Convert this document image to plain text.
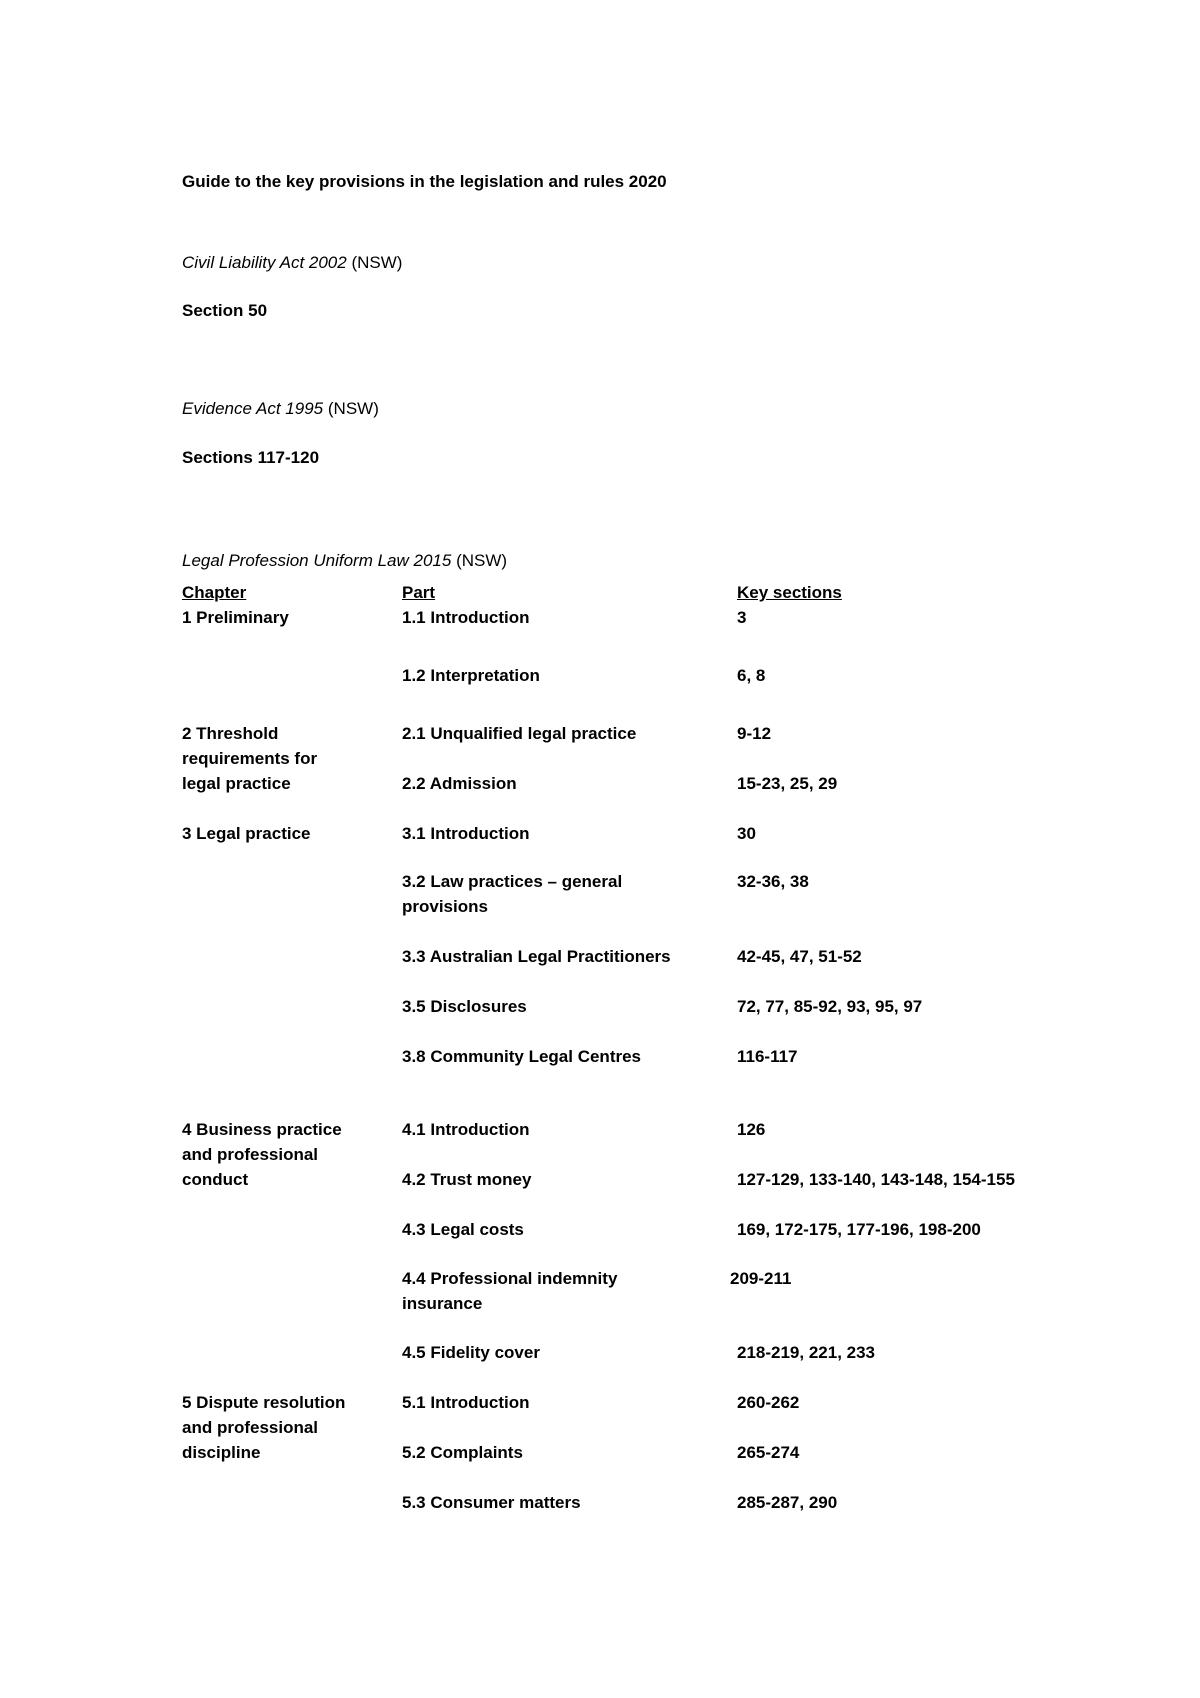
Guide to the key provisions in the legislation and rules 2020
Civil Liability Act 2002 (NSW)
Section 50
Evidence Act 1995 (NSW)
Sections 117-120
Legal Profession Uniform Law 2015 (NSW)
Chapter	Part	Key sections
1 Preliminary
2 Threshold requirements for legal practice
3 Legal practice
4 Business practice and professional conduct
5 Dispute resolution and professional discipline
1.1 Introduction
1.2 Interpretation
2.1 Unqualified legal practice
2.2 Admission
3.1 Introduction
3.2 Law practices – general provisions
3.3 Australian Legal Practitioners
3.5 Disclosures
3.8 Community Legal Centres
4.1 Introduction
4.2 Trust money
4.3 Legal costs
4.4 Professional indemnity insurance
4.5 Fidelity cover
5.1 Introduction
5.2 Complaints
5.3 Consumer matters
3
6, 8
9-12
15-23, 25, 29
30
32-36, 38
42-45, 47, 51-52
72, 77, 85-92, 93, 95, 97
116-117
126
127-129, 133-140, 143-148, 154-155
169, 172-175, 177-196, 198-200
209-211
218-219, 221, 233
260-262
265-274
285-287, 290
